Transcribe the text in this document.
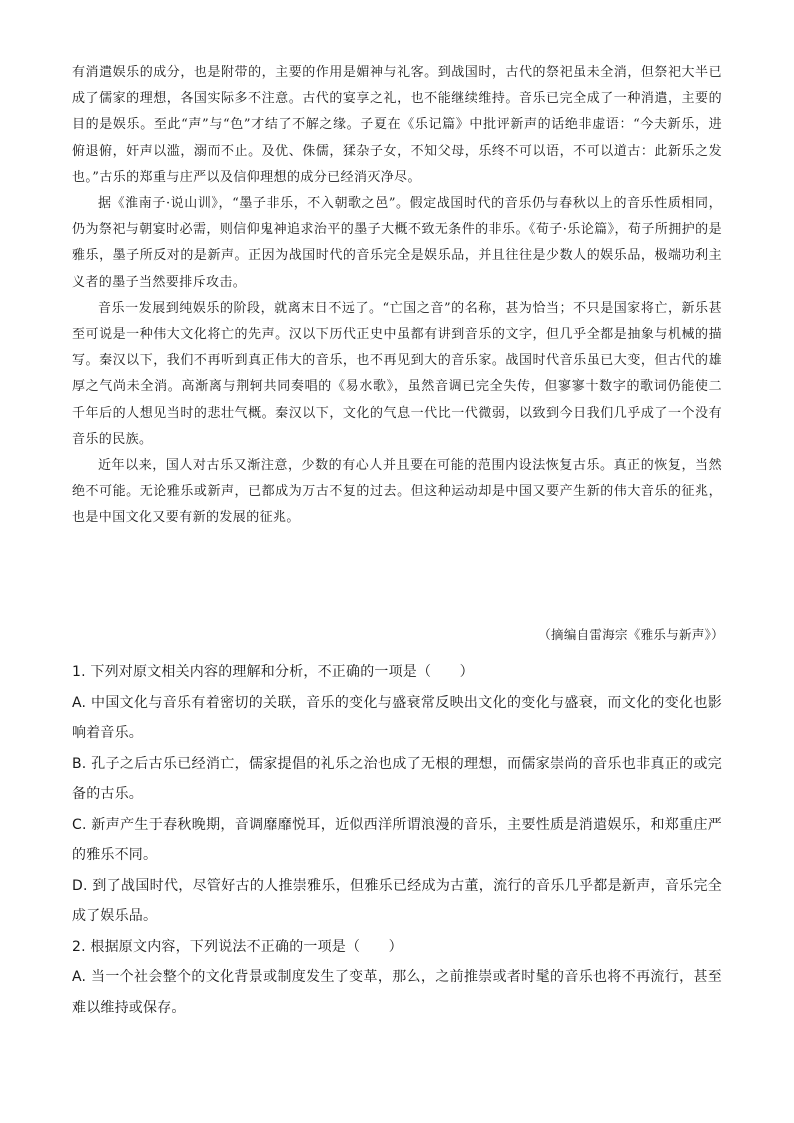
有消遣娱乐的成分，也是附带的，主要的作用是媚神与礼客。到战国时，古代的祭祀虽未全消，但祭祀大半已成了儒家的理想，各国实际多不注意。古代的宴享之礼，也不能继续维持。音乐已完全成了一种消遣，主要的目的是娱乐。至此“声”与“色”才结了不解之缘。子夏在《乐记篇》中批评新声的话绝非虚语：“今夫新乐，进俯退俯，奸声以滥，溺而不止。及优、侏儒，猱杂子女，不知父母，乐终不可以语，不可以道古：此新乐之发也。”古乐的郑重与庄严以及信仰理想的成分已经消灭净尽。

据《淮南子·说山训》，“墨子非乐，不入朝歌之邑”。假定战国时代的音乐仍与春秋以上的音乐性质相同，仍为祭祀与朝宴时必需，则信仰鬼神追求治平的墨子大概不致无条件的非乐。《荀子·乐论篇》，荀子所拥护的是雅乐，墨子所反对的是新声。正因为战国时代的音乐完全是娱乐品，并且往往是少数人的娱乐品，极端功利主义者的墨子当然要排斥攻击。

音乐一发展到纯娱乐的阶段，就离末日不远了。“亡国之音”的名称，甚为恰当；不只是国家将亡，新乐甚至可说是一种伟大文化将亡的先声。汉以下历代正史中虽都有讲到音乐的文字，但几乎全都是抽象与机械的描写。秦汉以下，我们不再听到真正伟大的音乐，也不再见到大的音乐家。战国时代音乐虽已大变，但古代的雄厚之气尚未全消。高渐离与荆轲共同奏唱的《易水歌》，虽然音调已完全失传，但寥寥十数字的歌词仍能使二千年后的人想见当时的悲壮气概。秦汉以下，文化的气息一代比一代微弱，以致到今日我们几乎成了一个没有音乐的民族。

近年以来，国人对古乐又渐注意，少数的有心人并且要在可能的范围内设法恢复古乐。真正的恢复，当然绝不可能。无论雅乐或新声，已都成为万古不复的过去。但这种运动却是中国又要产生新的伟大音乐的征兆，也是中国文化又要有新的发展的征兆。

（摘编自雷海宗《雅乐与新声》）

1. 下列对原文相关内容的理解和分析，不正确的一项是（　　）

A. 中国文化与音乐有着密切的关联，音乐的变化与盛衰常反映出文化的变化与盛衰，而文化的变化也影响着音乐。

B. 孔子之后古乐已经消亡，儒家提倡的礼乐之治也成了无根的理想，而儒家崇尚的音乐也非真正的或完备的古乐。

C. 新声产生于春秋晚期，音调靡靡悦耳，近似西洋所谓浪漫的音乐，主要性质是消遣娱乐，和郑重庄严的雅乐不同。

D. 到了战国时代，尽管好古的人推崇雅乐，但雅乐已经成为古董，流行的音乐几乎都是新声，音乐完全成了娱乐品。

2. 根据原文内容，下列说法不正确的一项是（　　）

A. 当一个社会整个的文化背景或制度发生了变革，那么，之前推崇或者时髦的音乐也将不再流行，甚至难以维持或保存。
